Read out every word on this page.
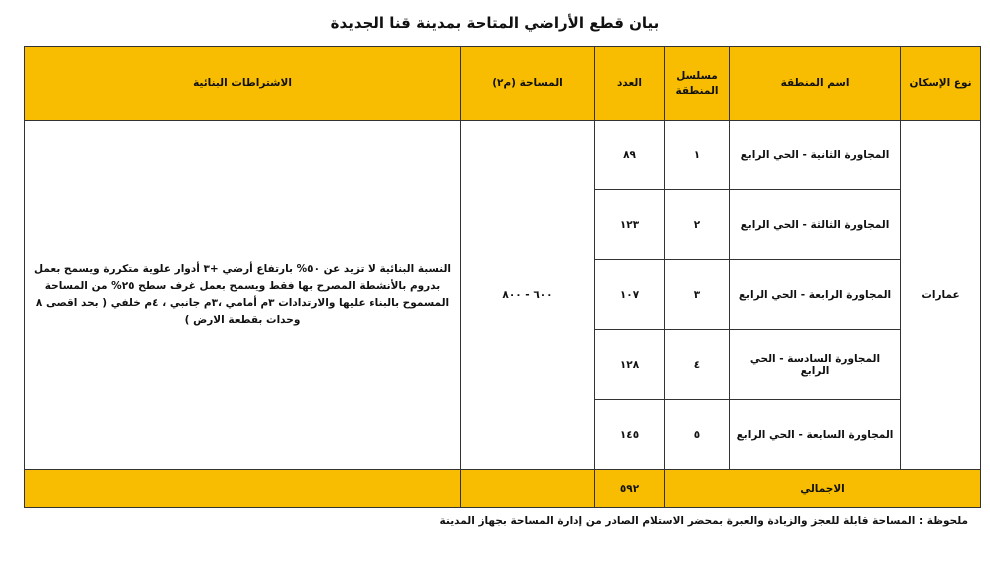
بيان قطع الأراضي المتاحة بمدينة قنا الجديدة
نوع الإسكان	اسم المنطقة	مسلسل المنطقة	العدد	المساحة (م٢)	الاشتراطات البنائية
عمارات	المجاورة الثانية - الحي الرابع	١	٨٩	٦٠٠ - ٨٠٠	النسبة البنائية لا تزيد عن ٥٠% بارتفاع أرضي +٣ أدوار علوية متكررة ويسمح بعمل بدروم بالأنشطة المصرح بها فقط ويسمح بعمل غرف سطح ٢٥% من المساحة المسموح بالبناء عليها والارتدادات ٣م أمامي ،٣م جانبي ، ٤م خلفي ( بحد اقصى ٨ وحدات بقطعة الارض )
	المجاورة الثالثة - الحي الرابع	٢	١٢٣		
	المجاورة الرابعة - الحي الرابع	٣	١٠٧		
	المجاورة السادسة - الحي الرابع	٤	١٢٨		
	المجاورة السابعة - الحي الرابع	٥	١٤٥		
الاجمالي			٥٩٢		
ملحوظة : المساحة قابلة للعجز والزيادة والعبرة بمحضر الاستلام الصادر من إدارة المساحة بجهاز المدينة
